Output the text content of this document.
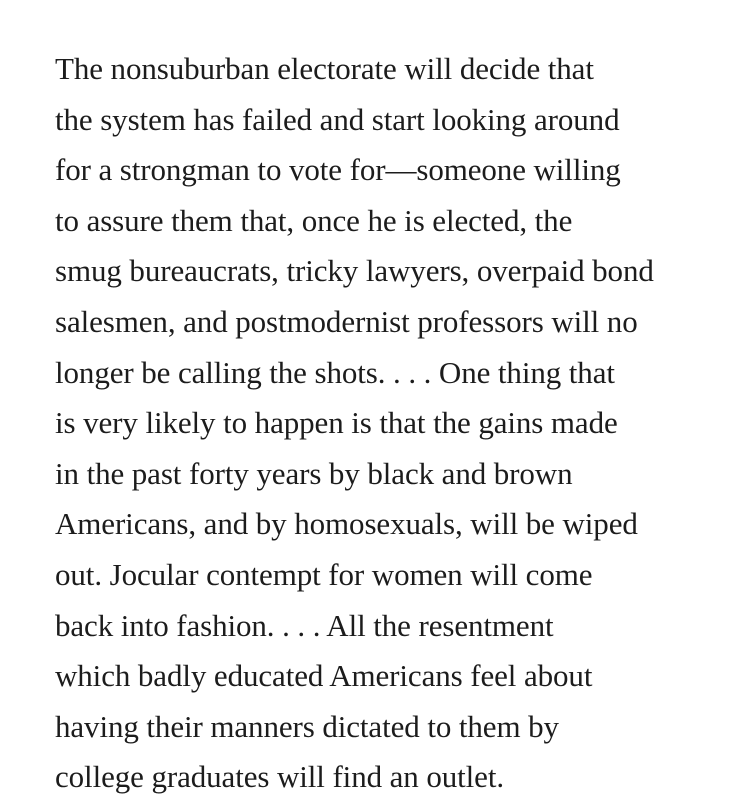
The nonsuburban electorate will decide that
the system has failed and start looking around
for a strongman to vote for—someone willing
to assure them that, once he is elected, the
smug bureaucrats, tricky lawyers, overpaid bond
salesmen, and postmodernist professors will no
longer be calling the shots. . . . One thing that
is very likely to happen is that the gains made
in the past forty years by black and brown
Americans, and by homosexuals, will be wiped
out. Jocular contempt for women will come
back into fashion. . . . All the resentment
which badly educated Americans feel about
having their manners dictated to them by
college graduates will find an outlet.
